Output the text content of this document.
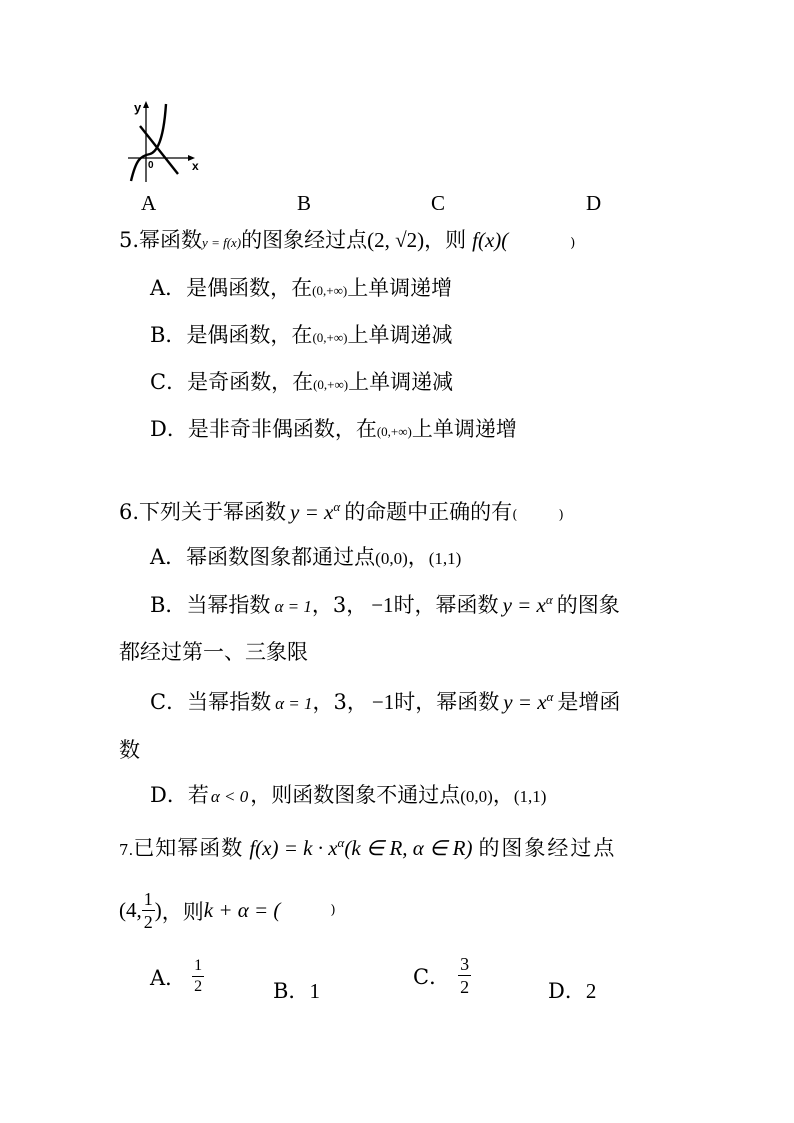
y
x
0
A	B	C	D
5.幂函数y = f(x)的图象经过点(2, √2)，则 f(x)(	)
A．是偶函数，在(0,+∞)上单调递增
B．是偶函数，在(0,+∞)上单调递减
C．是奇函数，在(0,+∞)上单调递减
D．是非奇非偶函数，在(0,+∞)上单调递增
6.下列关于幂函数 $y = x^\alpha$ 的命题中正确的有(          )
A．幂函数图象都通过点(0,0)，(1,1)
B．当幂指数 α = 1，3， −1时，幂函数 $y = x^\alpha$ 的图象
都经过第一、三象限
C．当幂指数 α = 1，3， −1时，幂函数 $y = x^\alpha$ 是增函
数
D．若 α < 0，则函数图象不通过点(0,0)，(1,1)
7.已知幂函数 $f(x) = k \cdot x^\alpha(k$ ∈ R, α ∈ R) 的图象经过点
(4, $\frac{1}{2}$ ) ，则 k + α = (	)
A． $\frac{1}{2}$	B．1
C． $\frac{3}{2}$	D．2
